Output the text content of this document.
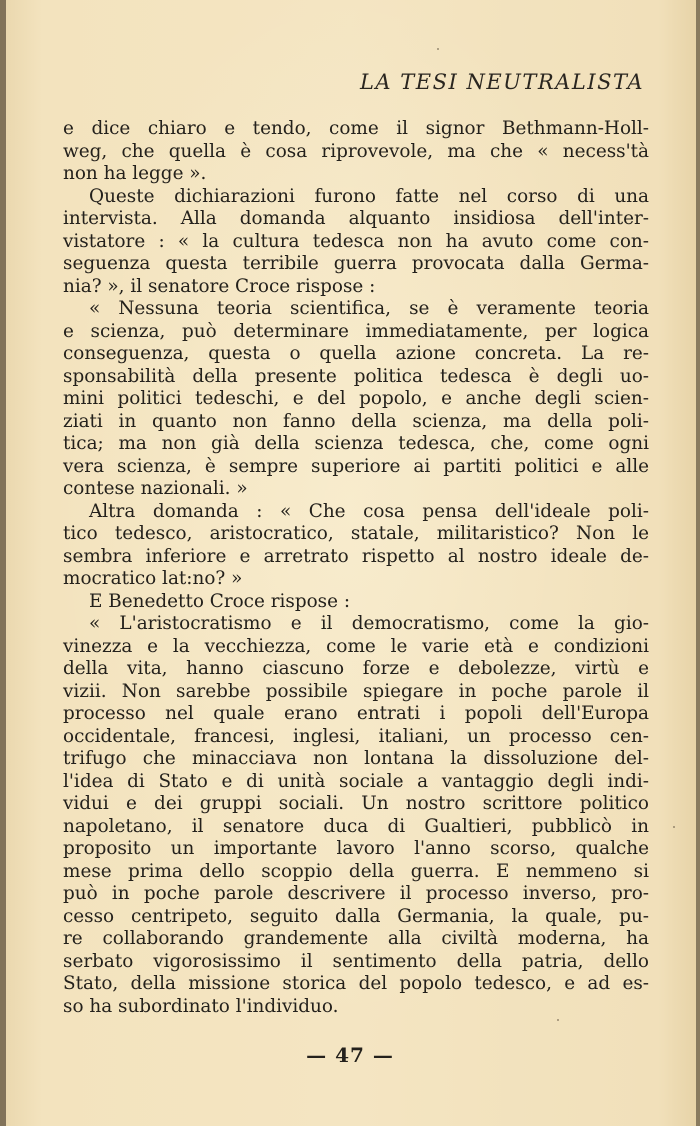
LA TESI NEUTRALISTA
e dice chiaro e tendo, come il signor Bethmann-Holl-
weg, che quella è cosa riprovevole, ma che « necess'tà
non ha legge ».
Queste dichiarazioni furono fatte nel corso di una
intervista. Alla domanda alquanto insidiosa dell'inter-
vistatore : « la cultura tedesca non ha avuto come con-
seguenza questa terribile guerra provocata dalla Germa-
nia? », il senatore Croce rispose :
« Nessuna teoria scientifica, se è veramente teoria
e scienza, può determinare immediatamente, per logica
conseguenza, questa o quella azione concreta. La re-
sponsabilità della presente politica tedesca è degli uo-
mini politici tedeschi, e del popolo, e anche degli scien-
ziati in quanto non fanno della scienza, ma della poli-
tica; ma non già della scienza tedesca, che, come ogni
vera scienza, è sempre superiore ai partiti politici e alle
contese nazionali. »
Altra domanda : « Che cosa pensa dell'ideale poli-
tico tedesco, aristocratico, statale, militaristico? Non le
sembra inferiore e arretrato rispetto al nostro ideale de-
mocratico lat:no? »
E Benedetto Croce rispose :
« L'aristocratismo e il democratismo, come la gio-
vinezza e la vecchiezza, come le varie età e condizioni
della vita, hanno ciascuno forze e debolezze, virtù e
vizii. Non sarebbe possibile spiegare in poche parole il
processo nel quale erano entrati i popoli dell'Europa
occidentale, francesi, inglesi, italiani, un processo cen-
trifugo che minacciava non lontana la dissoluzione del-
l'idea di Stato e di unità sociale a vantaggio degli indi-
vidui e dei gruppi sociali. Un nostro scrittore politico
napoletano, il senatore duca di Gualtieri, pubblicò in
proposito un importante lavoro l'anno scorso, qualche
mese prima dello scoppio della guerra. E nemmeno si
può in poche parole descrivere il processo inverso, pro-
cesso centripeto, seguito dalla Germania, la quale, pu-
re collaborando grandemente alla civiltà moderna, ha
serbato vigorosissimo il sentimento della patria, dello
Stato, della missione storica del popolo tedesco, e ad es-
so ha subordinato l'individuo.
— 47 —
